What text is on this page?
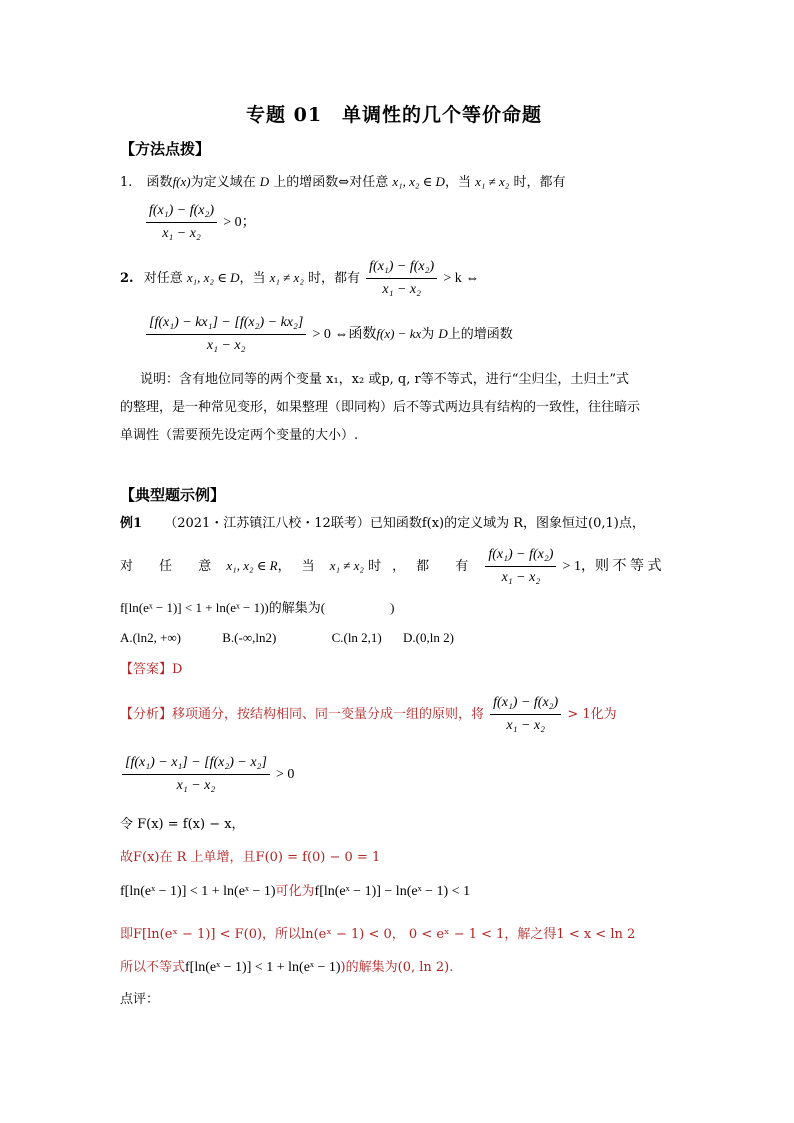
专题 01　单调性的几个等价命题
【方法点拨】
1. 函数f(x)为定义域在 D 上的增函数⇔对任意 x₁, x₂ ∈ D，当 x₁ ≠ x₂ 时，都有
$\frac{\text{f(x₁) − f(x₂)}}{\text{x₁ − x₂}} > 0$；
2. 对任意 x₁, x₂ ∈ D，当 x₁ ≠ x₂ 时，都有 $\frac{\text{f(x₁) − f(x₂)}}{\text{x₁ − x₂}} > k$ ⇔
$\frac{\text{[f(x₁) − kx₁] − [f(x₂) − kx₂]}}{\text{x₁ − x₂}} > 0$ ⇔函数f(x) − kx为 D上的增函数
说明：含有地位同等的两个变量 x₁，x₂ 或p, q, r等不等式，进行“尘归尘，土归土”式
的整理，是一种常见变形，如果整理（即同构）后不等式两边具有结构的一致性，往往暗示
单调性（需要预先设定两个变量的大小）.
【典型题示例】
例1 （2021・江苏镇江八校・12联考）已知函数f(x)的定义域为 R，图象恒过(0,1)点，
对 任 意 x₁, x₂ ∈ R，当 x₁ ≠ x₂ 时，都 有 $\frac{\text{f(x₁) − f(x₂)}}{\text{x₁ − x₂}} > 1$，则 不 等 式
f[ln(eˣ − 1)] < 1 + ln(eˣ − 1))的解集为(　　　　　)
A.(ln2, +∞)	B.(-∞,ln2)	C.(ln 2,1) D.(0,ln 2)
【答案】D
【分析】移项通分，按结构相同、同一变量分成一组的原则，将 $\frac{\text{f(x₁) − f(x₂)}}{\text{x₁ − x₂}} > 1$化为
$\frac{\text{[f(x₁) − x₁] − [f(x₂) − x₂]}}{\text{x₁ − x₂}} > 0$
令 F(x) = f(x) − x，
故F(x)在 R 上单增，且F(0) = f(0) − 0 = 1
f[ln(eˣ − 1)] < 1 + ln(eˣ − 1)可化为f[ln(eˣ − 1)] − ln(eˣ − 1) < 1
即F[ln(eˣ − 1)] < F(0)，所以ln(eˣ − 1) < 0， 0 < eˣ − 1 < 1，解之得1 < x < ln 2
所以不等式f[ln(eˣ − 1)] < 1 + ln(eˣ − 1))的解集为(0, ln 2).
点评：
